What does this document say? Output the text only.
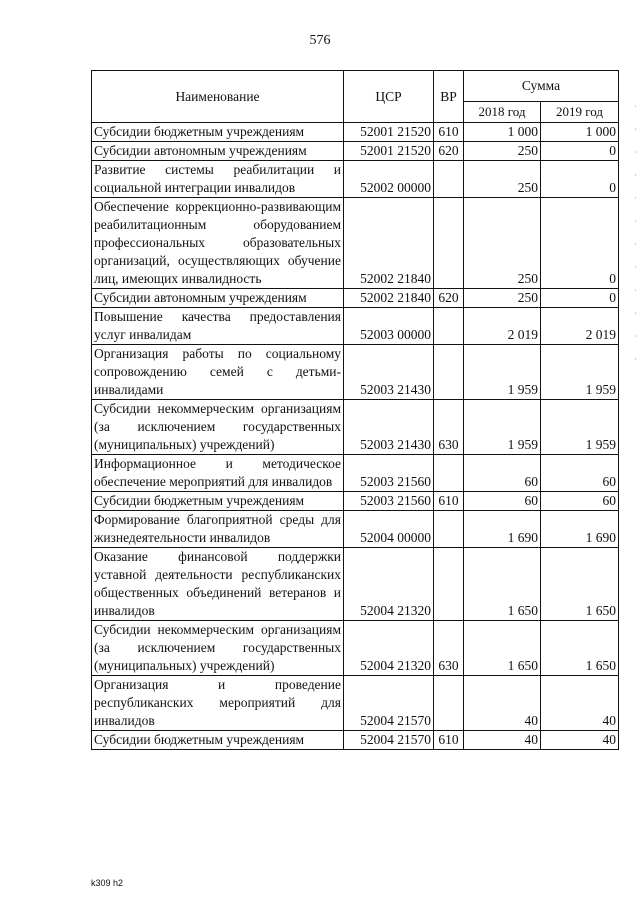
576
Наименование	ЦСР	ВР	Сумма	
			2018 год	2019 год
Субсидии бюджетным учреждениям	52001 21520	610	1 000	1 000
Субсидии автономным учреждениям	52001 21520	620	250	0
Развитие системы реабилитации и социальной интеграции инвалидов	52002 00000		250	0
Обеспечение коррекционно-развивающим реабилитационным оборудованием профессиональных образовательных организаций, осуществляющих обучение лиц, имеющих инвалидность	52002 21840		250	0
Субсидии автономным учреждениям	52002 21840	620	250	0
Повышение качества предоставления услуг инвалидам	52003 00000		2 019	2 019
Организация работы по социальному сопровождению семей с детьми-инвалидами	52003 21430		1 959	1 959
Субсидии некоммерческим организациям (за исключением государственных (муниципальных) учреждений)	52003 21430	630	1 959	1 959
Информационное и методическое обеспечение мероприятий для инвалидов	52003 21560		60	60
Субсидии бюджетным учреждениям	52003 21560	610	60	60
Формирование благоприятной среды для жизнедеятельности инвалидов	52004 00000		1 690	1 690
Оказание финансовой поддержки уставной деятельности республиканских общественных объединений ветеранов и инвалидов	52004 21320		1 650	1 650
Субсидии некоммерческим организациям (за исключением государственных (муниципальных) учреждений)	52004 21320	630	1 650	1 650
Организация и проведение республиканских мероприятий для инвалидов	52004 21570		40	40
Субсидии бюджетным учреждениям	52004 21570	610	40	40
k309 h2
·
·
·
·
·
·
·
·
·
·
·
·
